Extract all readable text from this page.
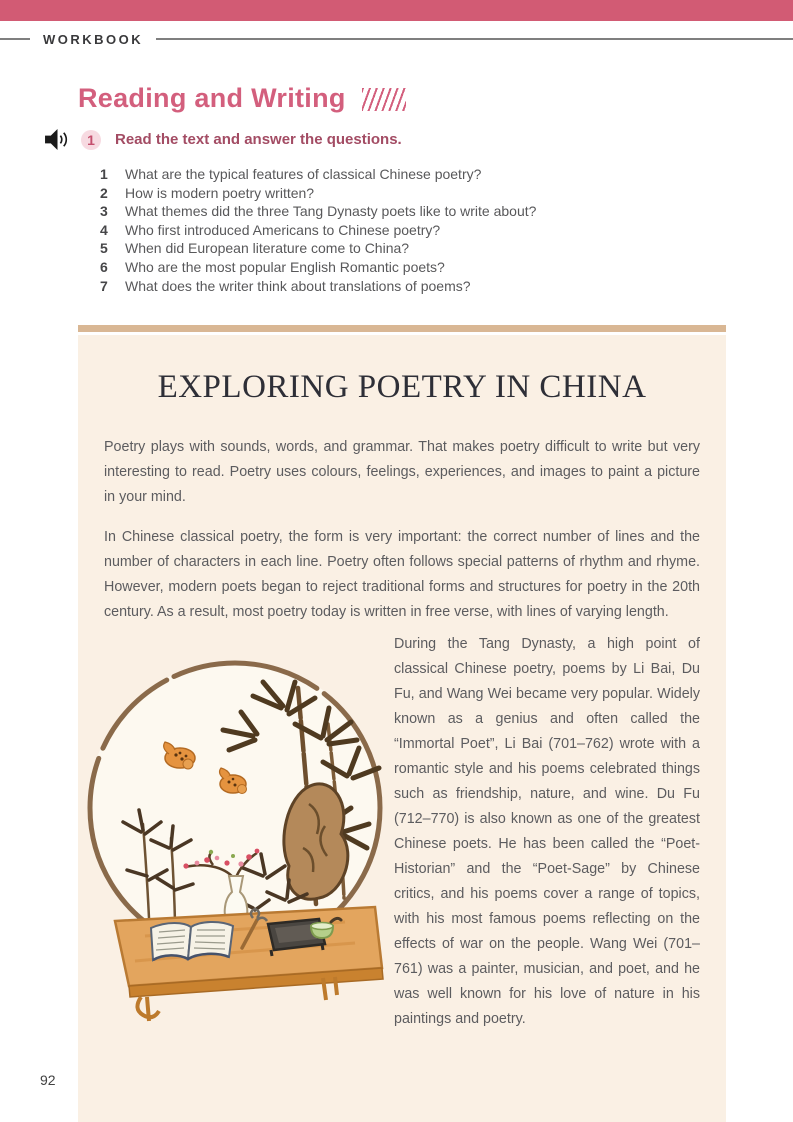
WORKBOOK
Reading and Writing
1	Read the text and answer the questions.
1	What are the typical features of classical Chinese poetry?
2	How is modern poetry written?
3	What themes did the three Tang Dynasty poets like to write about?
4	Who first introduced Americans to Chinese poetry?
5	When did European literature come to China?
6	Who are the most popular English Romantic poets?
7	What does the writer think about translations of poems?
EXPLORING POETRY IN CHINA

Poetry plays with sounds, words, and grammar. That makes poetry difficult to write but very interesting to read. Poetry uses colours, feelings, experiences, and images to paint a picture in your mind.

In Chinese classical poetry, the form is very important: the correct number of lines and the number of characters in each line. Poetry often follows special patterns of rhythm and rhyme. However, modern poets began to reject traditional forms and structures for poetry in the 20th century. As a result, most poetry today is written in free verse, with lines of varying length.

During the Tang Dynasty, a high point of classical Chinese poetry, poems by Li Bai, Du Fu, and Wang Wei became very popular. Widely known as a genius and often called the “Immortal Poet”, Li Bai (701–762) wrote with a romantic style and his poems celebrated things such as friendship, nature, and wine. Du Fu (712–770) is also known as one of the greatest Chinese poets. He has been called the “Poet-Historian” and the “Poet-Sage” by Chinese critics, and his poems cover a range of topics, with his most famous poems reflecting on the effects of war on the people. Wang Wei (701–761) was a painter, musician, and poet, and he was well known for his love of nature in his paintings and poetry.

92
